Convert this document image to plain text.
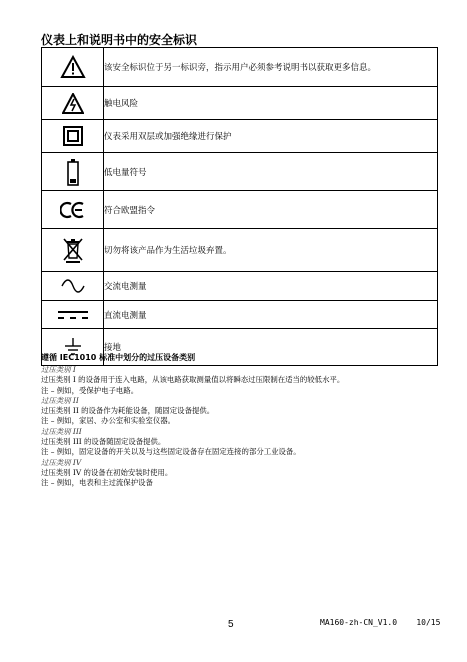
仪表上和说明书中的安全标识
	该安全标识位于另一标识旁，指示用户必须参考说明书以获取更多信息。

	触电风险

	仪表采用双层或加强绝缘进行保护

	低电量符号

	符合欧盟指令

	切勿将该产品作为生活垃圾弃置。

	交流电测量

	直流电测量

	接地
遵循 IEC1010 标准中划分的过压设备类别
过压类别 I
过压类别 I 的设备用于连入电路，从该电路获取测量值以将瞬态过压限制在适当的较低水平。
注 – 例如，受保护电子电路。
过压类别 II
过压类别 II 的设备作为耗能设备，随固定设备提供。
注 – 例如，家居、办公室和实验室仪器。
过压类别 III
过压类别 III 的设备随固定设备提供。
注 – 例如，固定设备的开关以及与这些固定设备存在固定连接的部分工业设备。
过压类别 IV
过压类别 IV 的设备在初始安装时使用。
注 – 例如，电表和主过流保护设备
5	MA160-zh-CN_V1.0    10/15
